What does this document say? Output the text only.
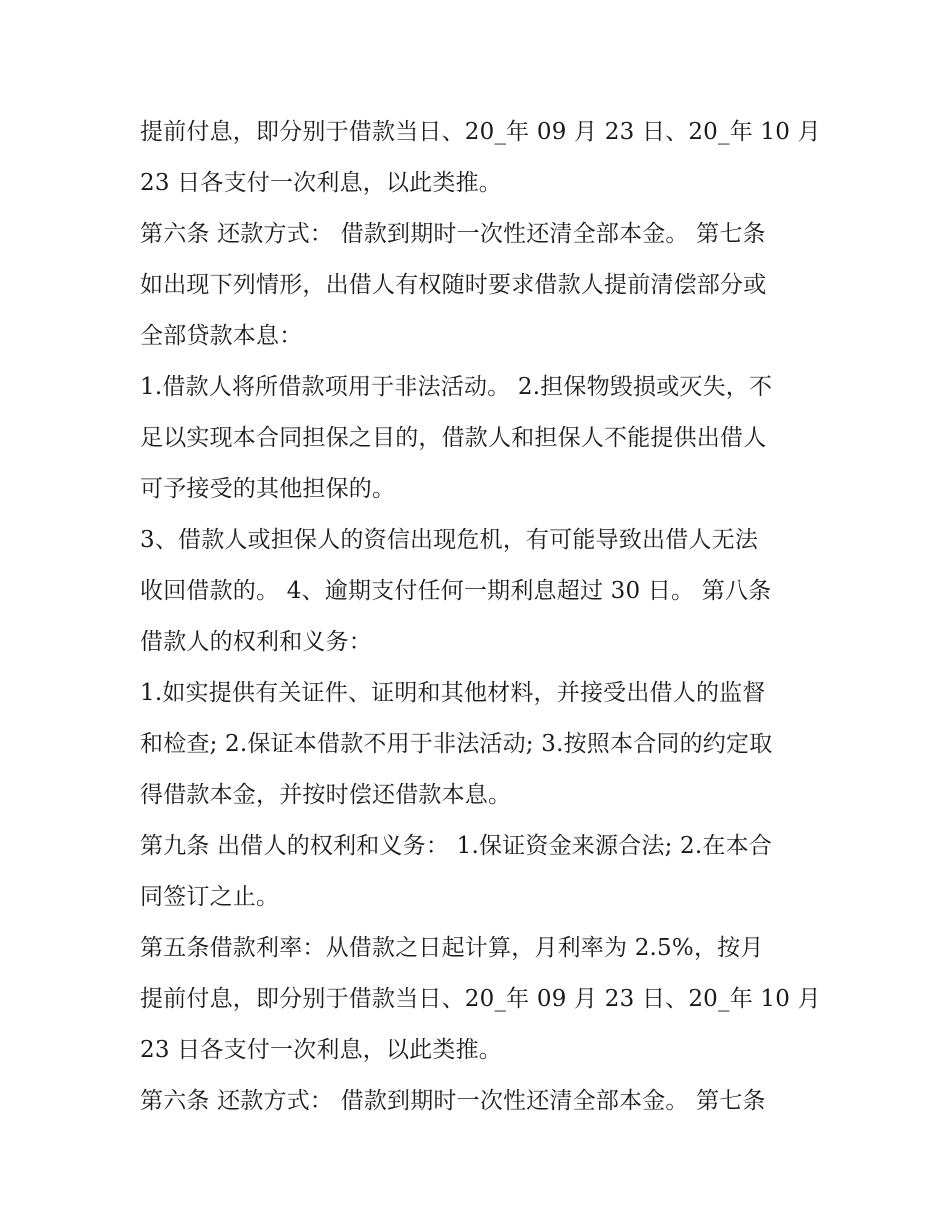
提前付息，即分别于借款当日、20_年 09 月 23 日、20_年 10 月
23 日各支付一次利息，以此类推。
第六条 还款方式： 借款到期时一次性还清全部本金。 第七条
如出现下列情形，出借人有权随时要求借款人提前清偿部分或
全部贷款本息：
1.借款人将所借款项用于非法活动。 2.担保物毁损或灭失，不
足以实现本合同担保之目的，借款人和担保人不能提供出借人
可予接受的其他担保的。
3、借款人或担保人的资信出现危机，有可能导致出借人无法
收回借款的。 4、逾期支付任何一期利息超过 30 日。 第八条
借款人的权利和义务：
1.如实提供有关证件、证明和其他材料，并接受出借人的监督
和检查; 2.保证本借款不用于非法活动; 3.按照本合同的约定取
得借款本金，并按时偿还借款本息。
第九条 出借人的权利和义务： 1.保证资金来源合法; 2.在本合
同签订之止。
第五条借款利率：从借款之日起计算，月利率为 2.5%，按月
提前付息，即分别于借款当日、20_年 09 月 23 日、20_年 10 月
23 日各支付一次利息，以此类推。
第六条 还款方式： 借款到期时一次性还清全部本金。 第七条
